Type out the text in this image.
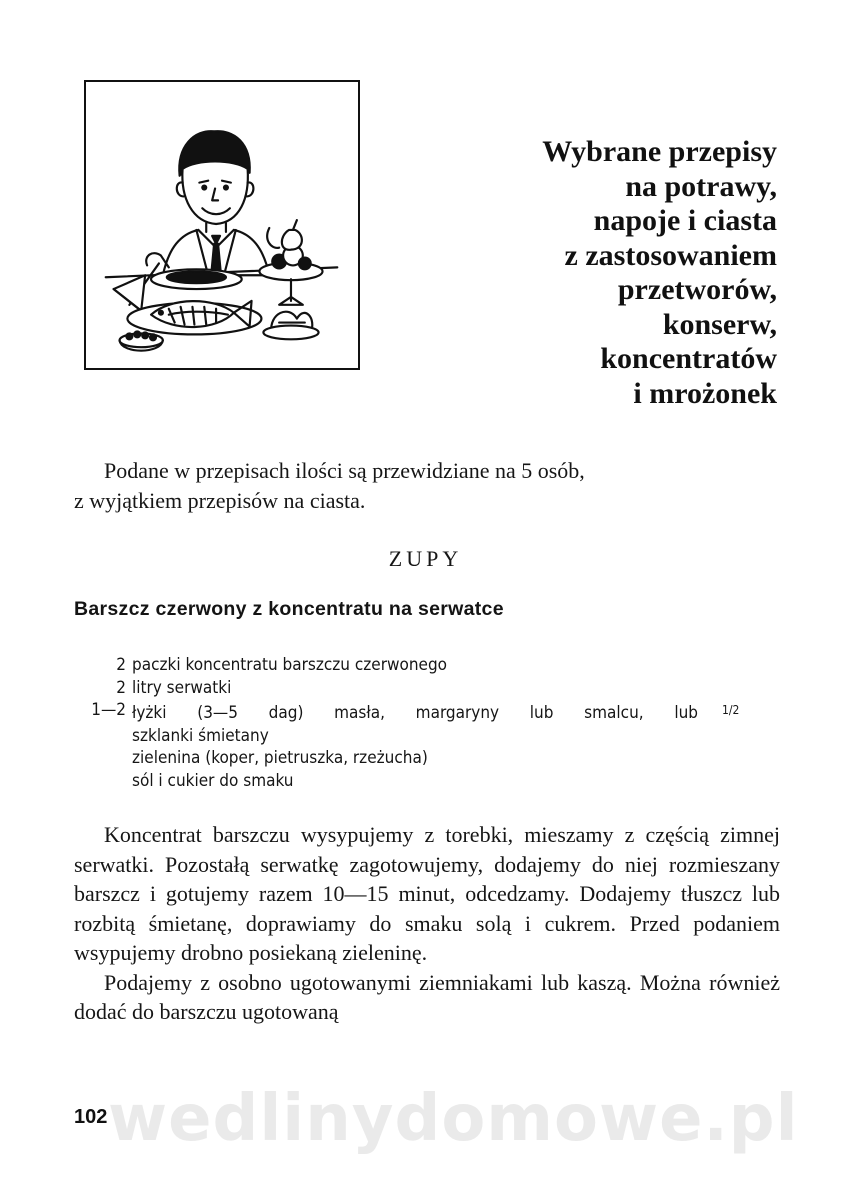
Wybrane przepisy
na potrawy,
napoje i ciasta
z zastosowaniem
przetworów,
konserw,
koncentratów
i mrożonek
Podane w przepisach ilości są przewidziane na 5 osób,
z wyjątkiem przepisów na ciasta.
ZUPY
Barszcz czerwony z koncentratu na serwatce
2 paczki koncentratu barszczu czerwonego
2 litry serwatki
1—2 łyżki (3—5 dag) masła, margaryny lub smalcu, lub $^{1/2}$
szklanki śmietany
zielenina (koper, pietruszka, rzeżucha)
sól i cukier do smaku

Koncentrat barszczu wysypujemy z torebki, mieszamy z częścią zimnej serwatki. Pozostałą serwatkę zagotowujemy, dodajemy do niej rozmieszany barszcz i gotujemy razem 10—15 minut, odcedzamy. Dodajemy tłuszcz lub rozbitą śmietanę, doprawiamy do smaku solą i cukrem. Przed podaniem wsypujemy drobno posiekaną zieleninę.

Podajemy z osobno ugotowanymi ziemniakami lub kaszą. Można również dodać do barszczu ugotowaną

wedlinydomowe.pl
102
